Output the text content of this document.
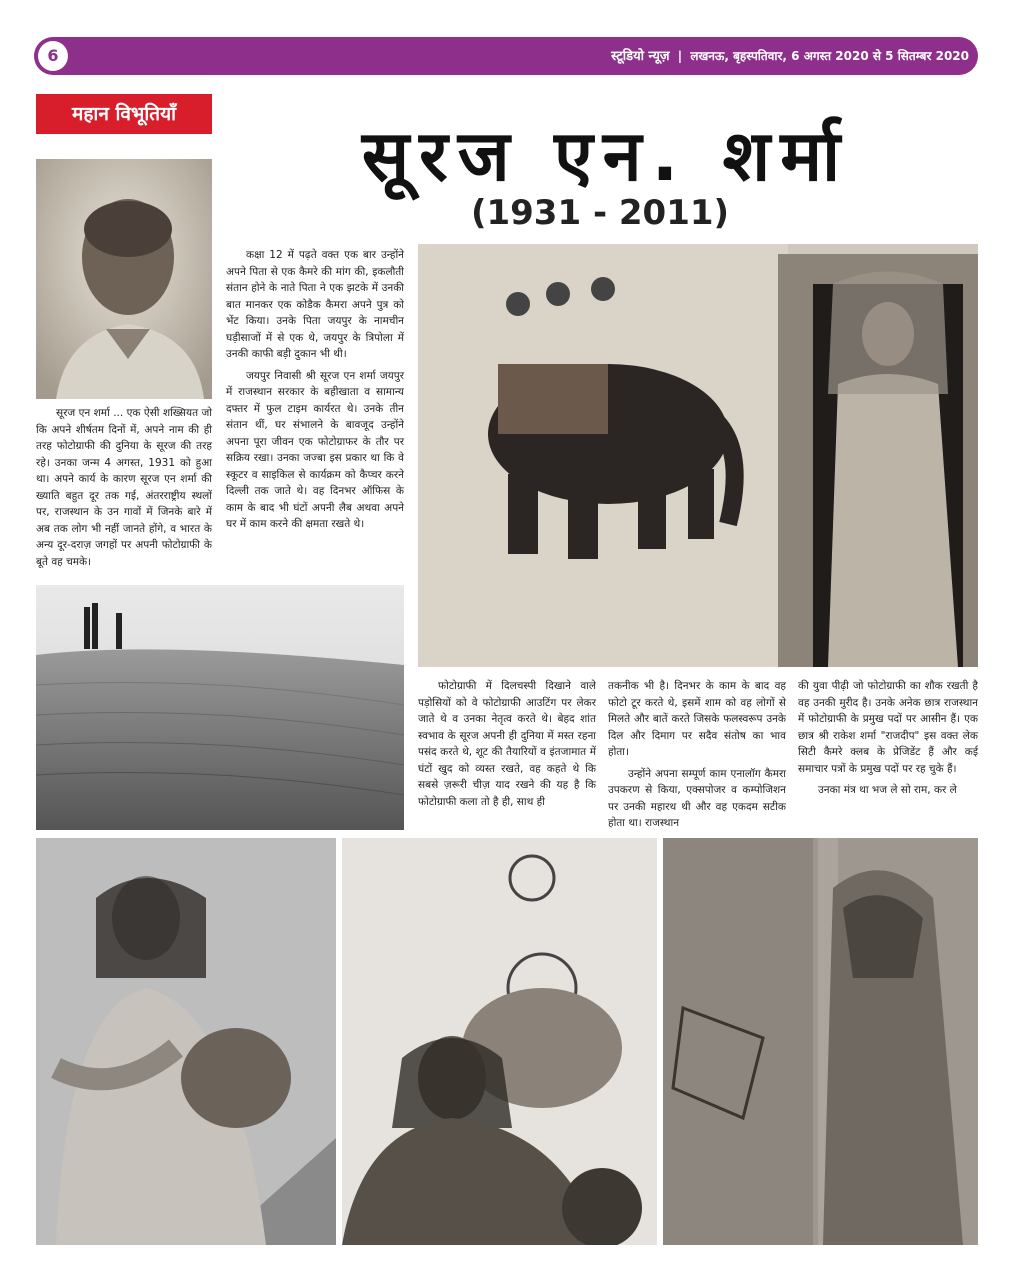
6	स्टूडियो न्यूज़ | लखनऊ, बृहस्पतिवार, 6 अगस्त 2020 से 5 सितम्बर 2020
महान विभूतियाँ
सूरज एन. शर्मा
(1931 - 2011)

सूरज एन शर्मा ... एक ऐसी शख्सियत जो कि अपने शीर्षतम दिनों में, अपने नाम की ही तरह फोटोग्राफी की दुनिया के सूरज की तरह रहे। उनका जन्म 4 अगस्त, 1931 को हुआ था। अपने कार्य के कारण सूरज एन शर्मा की ख्याति बहुत दूर तक गई, अंतरराष्ट्रीय स्थलों पर, राजस्थान के उन गावों में जिनके बारे में अब तक लोग भी नहीं जानते होंगे, व भारत के अन्य दूर-दराज़ जगहों पर अपनी फोटोग्राफी के बूते वह चमके।

कक्षा 12 में पढ़ते वक्त एक बार उन्होंने अपने पिता से एक कैमरे की मांग की, इकलौती संतान होने के नाते पिता ने एक झटके में उनकी बात मानकर एक कोडैक कैमरा अपने पुत्र को भेंट किया। उनके पिता जयपुर के नामचीन घड़ीसाजों में से एक थे, जयपुर के त्रिपोला में उनकी काफी बड़ी दुकान भी थी।

जयपुर निवासी श्री सूरज एन शर्मा जयपुर में राजस्थान सरकार के बहीखाता व सामान्य दफ्तर में फुल टाइम कार्यरत थे। उनके तीन संतान थीं, घर संभालने के बावजूद उन्होंने अपना पूरा जीवन एक फोटोग्राफर के तौर पर सक्रिय रखा। उनका जज्बा इस प्रकार था कि वे स्कूटर व साइकिल से कार्यक्रम को कैप्चर करने दिल्ली तक जाते थे। वह दिनभर ऑफिस के काम के बाद भी घंटों अपनी लैब अथवा अपने घर में काम करने की क्षमता रखते थे।

फोटोग्राफी में दिलचस्पी दिखाने वाले पड़ोसियों को वे फोटोग्राफी आउटिंग पर लेकर जाते थे व उनका नेतृत्व करते थे। बेहद शांत स्वभाव के सूरज अपनी ही दुनिया में मस्त रहना पसंद करते थे, शूट की तैयारियों व इंतजामात में घंटों खुद को व्यस्त रखते, वह कहते थे कि सबसे ज़रूरी चीज़ याद रखने की यह है कि फोटोग्राफी कला तो है ही, साथ ही

तकनीक भी है। दिनभर के काम के बाद वह फोटो टूर करते थे, इसमें शाम को वह लोगों से मिलते और बातें करते जिसके फलस्वरूप उनके दिल और दिमाग पर सदैव संतोष का भाव होता।

उन्होंने अपना सम्पूर्ण काम एनालॉग कैमरा उपकरण से किया, एक्सपोजर व कम्पोजिशन पर उनकी महारथ थी और वह एकदम सटीक होता था। राजस्थान

की युवा पीढ़ी जो फोटोग्राफी का शौक रखती है वह उनकी मुरीद है। उनके अनेक छात्र राजस्थान में फोटोग्राफी के प्रमुख पदों पर आसीन हैं। एक छात्र श्री राकेश शर्मा "राजदीप" इस वक्त लेक सिटी कैमरे क्लब के प्रेजिडेंट हैं और कई समाचार पत्रों के प्रमुख पदों पर रह चुके हैं।

उनका मंत्र था भज ले सो राम, कर ले
